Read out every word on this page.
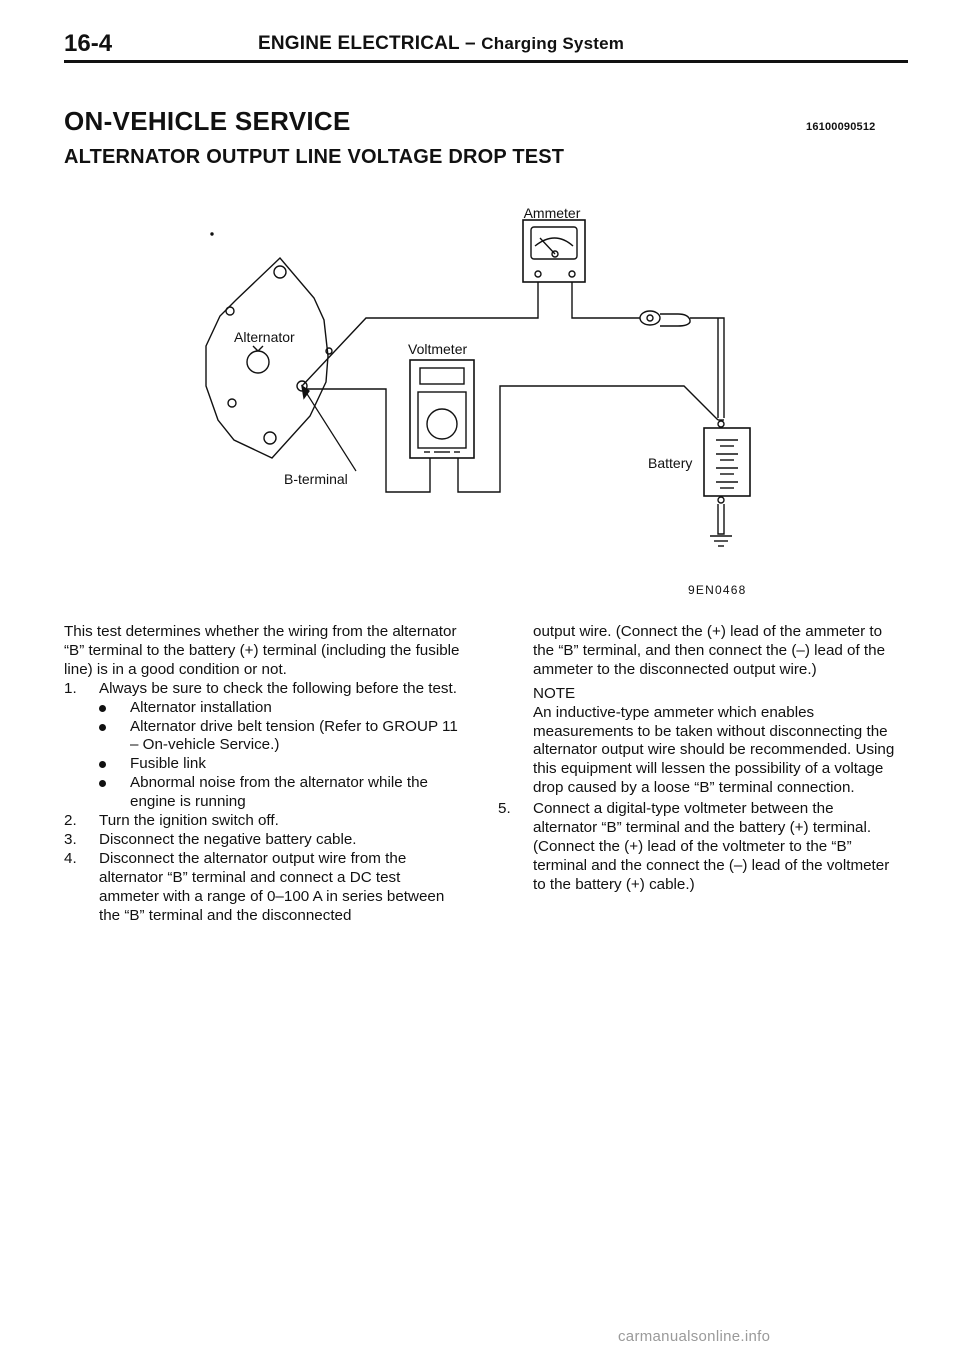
16-4	ENGINE ELECTRICAL – Charging System
ON-VEHICLE SERVICE	16100090512
ALTERNATOR OUTPUT LINE VOLTAGE DROP TEST
Ammeter
Alternator
Voltmeter
Battery
B-terminal
9EN0468

This test determines whether the wiring from the alternator “B” terminal to the battery (+) terminal (including the fusible line) is in a good condition or not.

1. Always be sure to check the following before the test.

Alternator installation

Alternator drive belt tension (Refer to GROUP 11 – On-vehicle Service.)

Fusible link

Abnormal noise from the alternator while the engine is running

2. Turn the ignition switch off.

3. Disconnect the negative battery cable.

4. Disconnect the alternator output wire from the alternator “B” terminal and connect a DC test ammeter with a range of 0–100 A in series between the “B” terminal and the disconnected

output wire. (Connect the (+) lead of the ammeter to the “B” terminal, and then connect the (–) lead of the ammeter to the disconnected output wire.)

NOTE

An inductive-type ammeter which enables measurements to be taken without disconnecting the alternator output wire should be recommended. Using this equipment will lessen the possibility of a voltage drop caused by a loose “B” terminal connection.

5. Connect a digital-type voltmeter between the alternator “B” terminal and the battery (+) terminal. (Connect the (+) lead of the voltmeter to the “B” terminal and the connect the (–) lead of the voltmeter to the battery (+) cable.)

carmanualsonline.info
